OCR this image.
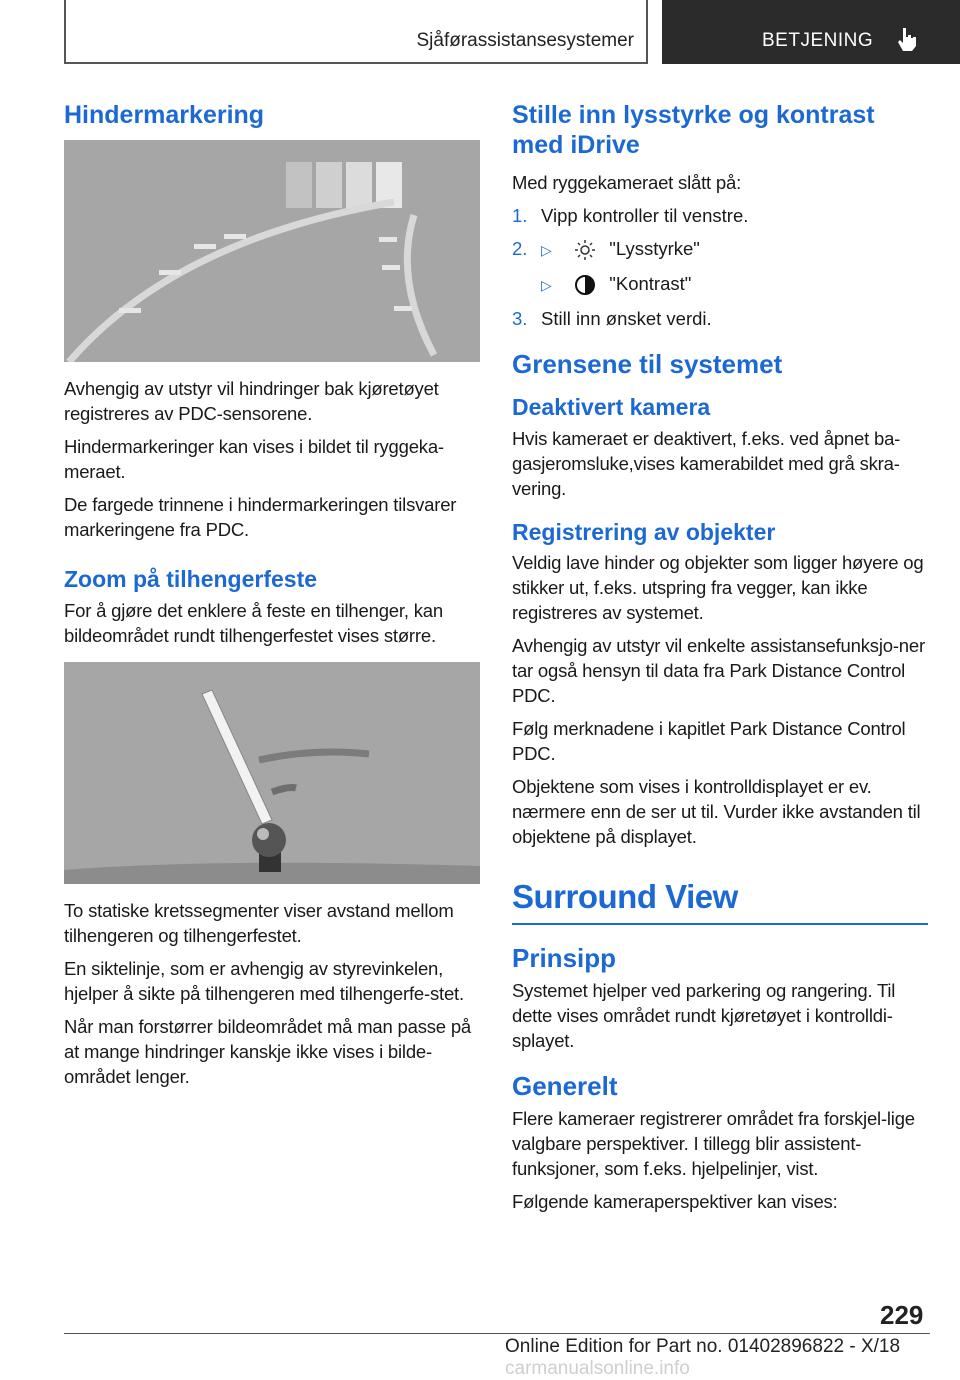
Sjåførassistansesystemer	BETJENING
Hindermarkering

Avhengig av utstyr vil hindringer bak kjøretøyet registreres av PDC-sensorene.

Hindermarkeringer kan vises i bildet til ryggeka-meraet.

De fargede trinnene i hindermarkeringen tilsvarer markeringene fra PDC.

Zoom på tilhengerfeste

For å gjøre det enklere å feste en tilhenger, kan bildeområdet rundt tilhengerfestet vises større.

To statiske kretssegmenter viser avstand mellom tilhengeren og tilhengerfestet.

En siktelinje, som er avhengig av styrevinkelen, hjelper å sikte på tilhengeren med tilhengerfe-stet.

Når man forstørrer bildeområdet må man passe på at mange hindringer kanskje ikke vises i bilde-området lenger.

Stille inn lysstyrke og kontrast med iDrive

Med ryggekameraet slått på:

1. Vipp kontroller til venstre.
2. ▷	"Lysstyrke"
▷	"Kontrast"
3. Still inn ønsket verdi.
Grensene til systemet
Deaktivert kamera

Hvis kameraet er deaktivert, f.eks. ved åpnet ba-gasjeromsluke,vises kamerabildet med grå skra-vering.

Registrering av objekter

Veldig lave hinder og objekter som ligger høyere og stikker ut, f.eks. utspring fra vegger, kan ikke registreres av systemet.

Avhengig av utstyr vil enkelte assistansefunksjo-ner tar også hensyn til data fra Park Distance Control PDC.

Følg merknadene i kapitlet Park Distance Control PDC.

Objektene som vises i kontrolldisplayet er ev. nærmere enn de ser ut til. Vurder ikke avstanden til objektene på displayet.

Surround View
Prinsipp

Systemet hjelper ved parkering og rangering. Til dette vises området rundt kjøretøyet i kontrolldi-splayet.

Generelt

Flere kameraer registrerer området fra forskjel-lige valgbare perspektiver. I tillegg blir assistent-funksjoner, som f.eks. hjelpelinjer, vist.

Følgende kameraperspektiver kan vises:

229
Online Edition for Part no. 01402896822 - X/18 carmanualsonline.info
